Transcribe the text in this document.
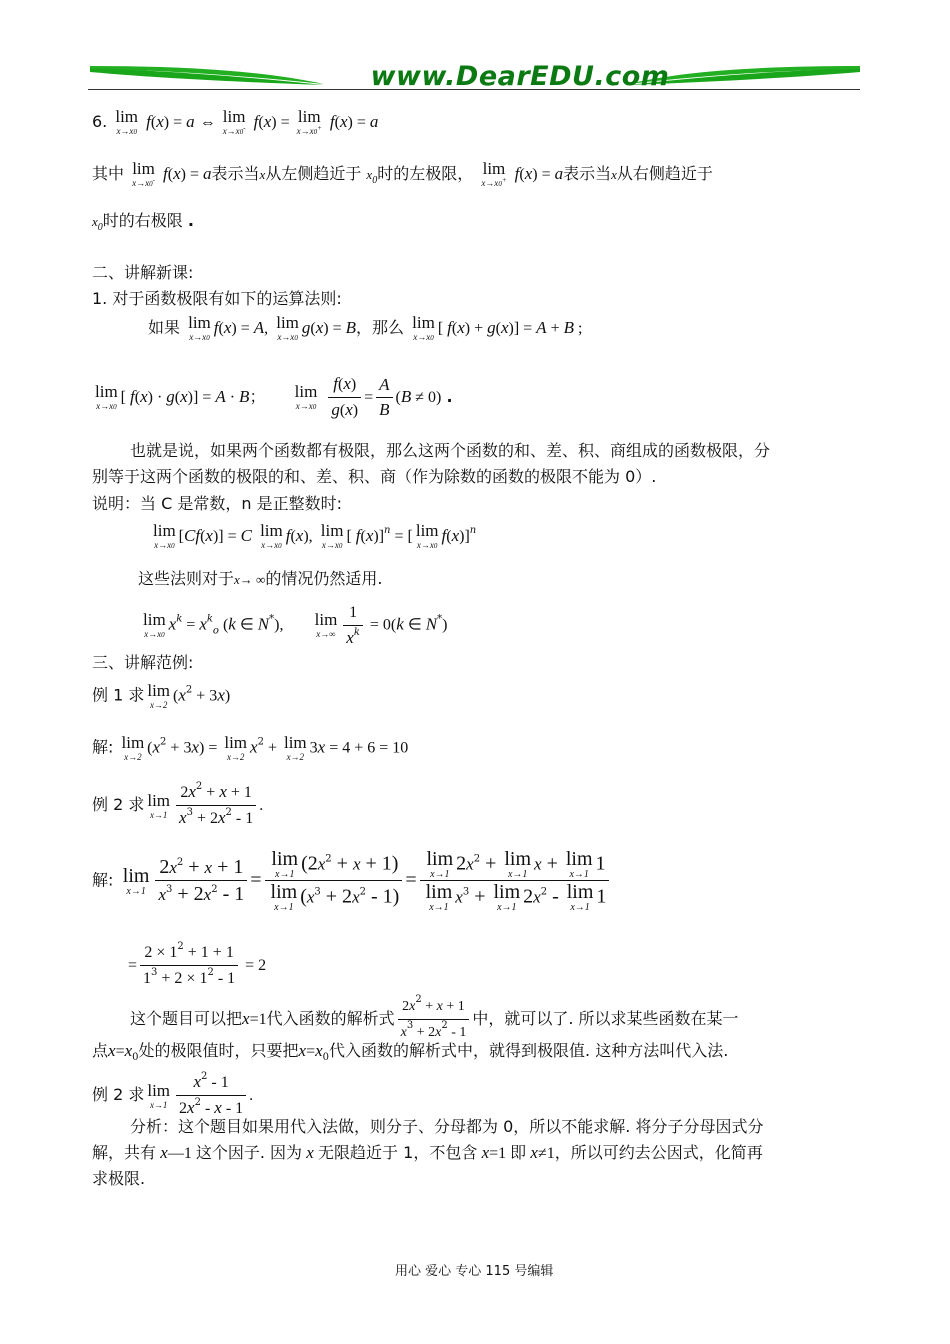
www.DearEDU.com
6. lim
x→x0
f(x) = a ⇔ lim
x→x0- f(x) = lim
x→x0+ f(x) = a
其中 lim
x→x0- f(x) = a表示当x从左侧趋近于 $x_0$时的左极限， lim
x→x0+ f(x) = a表示当x从右侧趋近于
$x_0$时的右极限 .
二、讲解新课:
1. 对于函数极限有如下的运算法则:
如果 lim
x→x0
f(x) = A, lim
x→x0
g(x) = B，那么 lim
x→x0
[ f(x) + g(x)] = A + B ;
lim
x→x0
[ f(x) · g(x)] = A · B； lim
x→x0
$\frac{f(x)}{g(x)} = \frac{A}{B} (B \ne 0)$ .
也就是说，如果两个函数都有极限，那么这两个函数的和、差、积、商组成的函数极限，分
别等于这两个函数的极限的和、差、积、商（作为除数的函数的极限不能为 0）.
说明：当 C 是常数，n 是正整数时:
lim
x→x0
[Cf(x)] = C lim
x→x0
f(x), lim
x→x0
[ f(x)]$^n$ = [ lim
x→x0
f(x)]$^n$
这些法则对于x→ ∞的情况仍然适用.
lim
x→x0
$x^k = x^k_o$ (k ∈ N*), lim
$x\to\infty \frac{1}{x^k} = 0(k$ ∈ N*)
三、讲解范例:
例 1 求 lim
x→2
$(x^2 + 3x)$
解: lim
x→2
$(x^2 + 3x) = \lim$
x→2
$x^2 + \lim$
x→2
3x = 4 + 6 = 10
例 2 求 lim
$x\to 1 \frac{2x^2 + x + 1}{x^3 + 2x^2 - 1}$ .
解: lim
$x\to 1 \frac{2x^2 + x + 1}{x^3 + 2x^2 - 1} = \lim$
x→1 $(2x^2 + x + 1)$
lim
x→1 $(x^3 + 2x^2 - 1) = \lim$
x→1 $2x^2 + \lim$
x→1
x + lim
x→1 1
lim
x→1
$x^3 + \lim$
x→1 $2x^2$ - lim
x→1 1
= $\frac{2 \times 1^2 + 1 + 1}{1^3 + 2 \times 1^2 - 1} = 2$
这个题目可以把x=1代入函数的解析式 $\frac{2x^2 + x + 1}{x^3 + 2x^2 - 1}$ 中，就可以了. 所以求某些函数在某一
点$x=x_0$处的极限值时，只要把$x=x_0$代入函数的解析式中，就得到极限值. 这种方法叫代入法.
例 2 求 lim
$x\to 1 \frac{x^2 - 1}{2x^2 - x - 1}$ .
分析：这个题目如果用代入法做，则分子、分母都为 0，所以不能求解. 将分子分母因式分
解，共有 x—1 这个因子. 因为 x 无限趋近于 1，不包含 x=1 即 x≠1，所以可约去公因式，化简再
求极限.
用心 爱心 专心 115 号编辑
